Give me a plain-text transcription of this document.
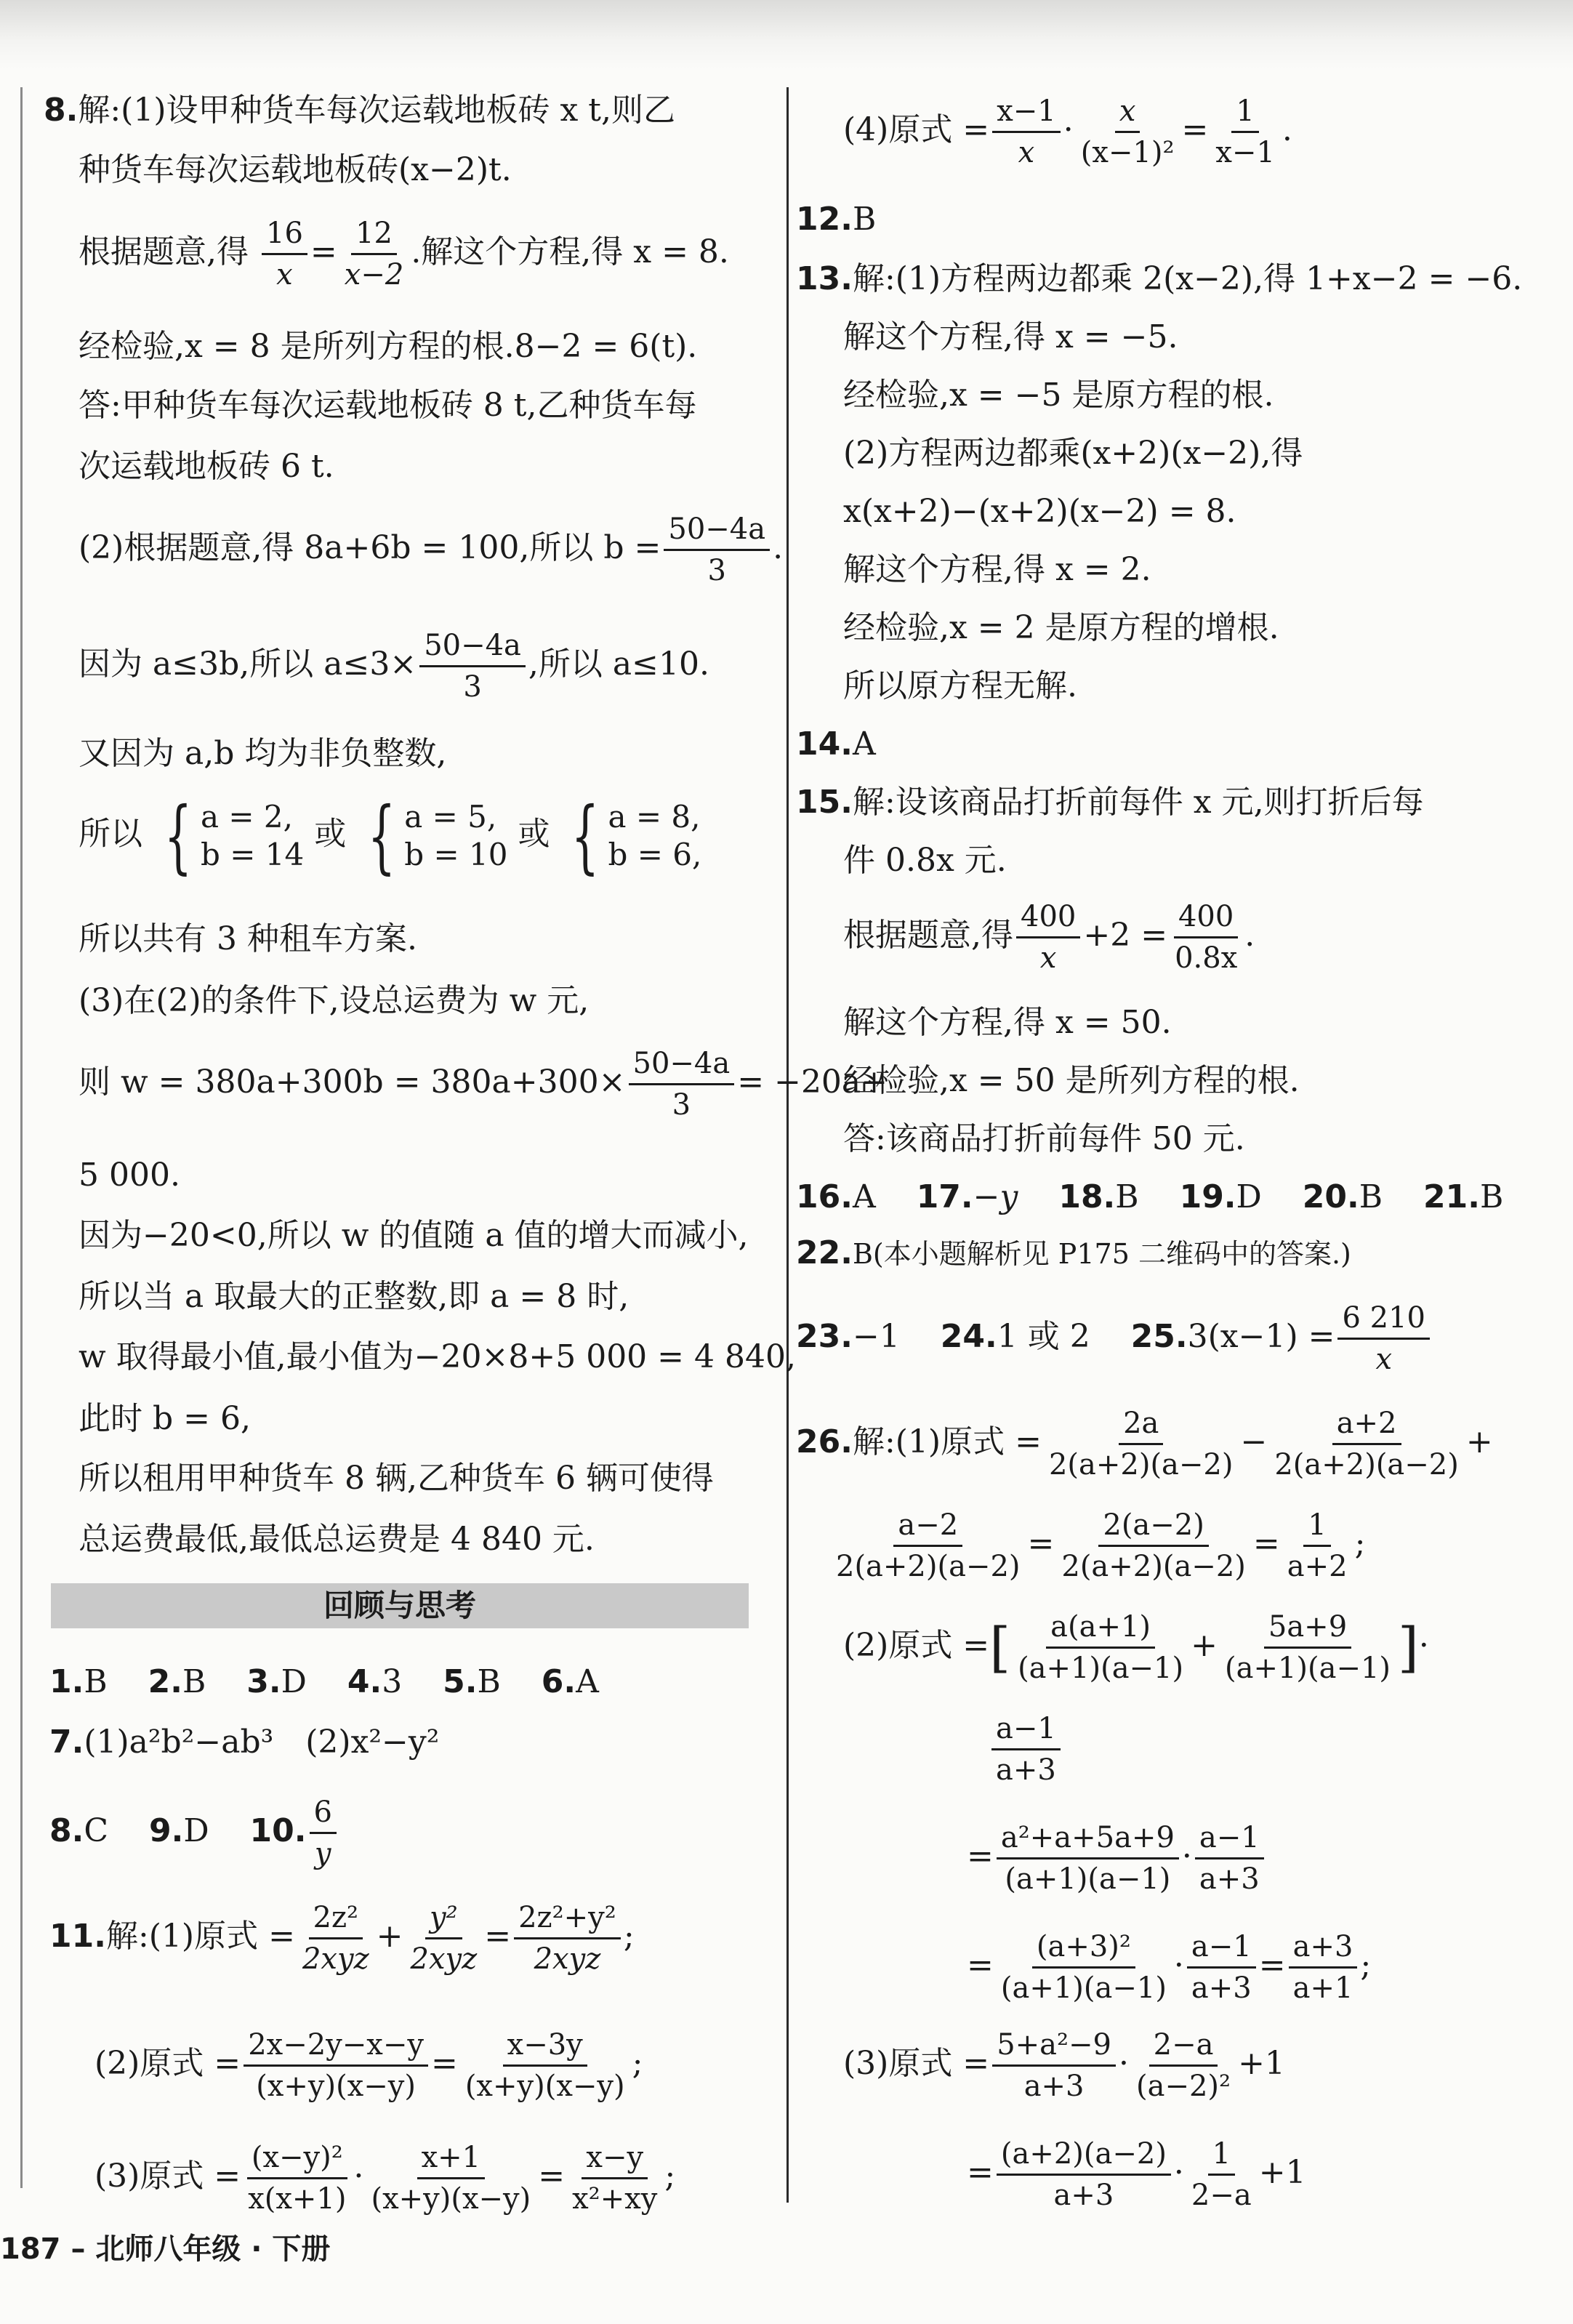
8.解:(1)设甲种货车每次运载地板砖 x t,则乙
种货车每次运载地板砖(x−2)t.
根据题意,得 $\frac{16}{x} = \frac{12}{x-2}$ .解这个方程,得 x = 8.
经检验,x = 8 是所列方程的根.8−2 = 6(t).
答:甲种货车每次运载地板砖 8 t,乙种货车每
次运载地板砖 6 t.
(2)根据题意,得 8a+6b = 100,所以 $b = \frac{50-4a}{3}$ .
因为 a≤3b,所以 $a\le 3\times \frac{50-4a}{3}$ ,所以 a≤10.
又因为 a,b 均为非负整数,
所以 { a = 2,
b = 14
或 { a = 5,
b = 10
或 { a = 8,
b = 6,
所以共有 3 种租车方案.
(3)在(2)的条件下,设总运费为 w 元,
则 $w = 380a+300b = 380a+300\times \frac{50-4a}{3} = -20a+$
5 000.
因为−20<0,所以 w 的值随 a 值的增大而减小,
所以当 a 取最大的正整数,即 a = 8 时,
w 取得最小值,最小值为−20×8+5 000 = 4 840,
此时 b = 6,
所以租用甲种货车 8 辆,乙种货车 6 辆可使得
总运费最低,最低总运费是 4 840 元.
回顾与思考
1.B 2.B 3.D 4.3 5.B 6.A
7.(1)a²b²−ab³　(2)x²−y²
8.C 9.D 10. $\frac{6}{y}$
11.解:(1)原式 = $\frac{\text{2z²}}{\text{2xyz}} + \frac{\text{y²}}{\text{2xyz}} = \frac{\text{2z²+y²}}{\text{2xyz}}$ ;
(2)原式 = $\frac{2x-2y-x-y}{(x+y)(x-y)} = \frac{x-3y}{(x+y)(x-y)}$ ;
(3)原式 = $\frac{\text{(x−y)²}}{x(x+1)} \cdot \frac{x+1}{(x+y)(x-y)} = \frac{x-y}{\text{x²+xy}}$ ;
(4)原式 = $\frac{x-1}{x} \cdot \frac{x}{\text{(x−1)²}} = \frac{1}{x-1}$ .
12.B
13.解:(1)方程两边都乘 2(x−2),得 1+x−2 = −6.
解这个方程,得 x = −5.
经检验,x = −5 是原方程的根.
(2)方程两边都乘(x+2)(x−2),得
x(x+2)−(x+2)(x−2) = 8.
解这个方程,得 x = 2.
经检验,x = 2 是原方程的增根.
所以原方程无解.
14.A
15.解:设该商品打折前每件 x 元,则打折后每
件 0.8x 元.
根据题意,得 $\frac{400}{x} +2 = \frac{400}{0.8x}$ .
解这个方程,得 x = 50.
经检验,x = 50 是所列方程的根.
答:该商品打折前每件 50 元.
16.A 17.−y 18.B 19.D 20.B 21.B
22.B(本小题解析见 P175 二维码中的答案.)
23.−1 24.1 或 2 $25.3(x-1) = \frac{6 210}{x}$
26.解:(1)原式 = $\frac{2a}{2(a+2)(a-2)} - \frac{a+2}{2(a+2)(a-2)}$ +
$\frac{a-2}{2(a+2)(a-2)} = \frac{2(a-2)}{2(a+2)(a-2)} = \frac{1}{a+2}$ ;
(2)原式 =[ $\frac{a(a+1)}{(a+1)(a-1)} + \frac{5a+9}{(a+1)(a-1)}$ ]·
$\frac{a-1}{a+3}$
= $\frac{\text{a²+a+5a+9}}{(a+1)(a-1)} \cdot \frac{a-1}{a+3}$
= $\frac{\text{(a+3)²}}{(a+1)(a-1)} \cdot \frac{a-1}{a+3} = \frac{a+3}{a+1}$ ;
(3)原式 = $\frac{\text{5+a²−9}}{a+3} \cdot \frac{2-a}{\text{(a−2)²}} +1$
= $\frac{(a+2)(a-2)}{a+3} \cdot \frac{1}{2-a} +1$
187 – 北师八年级 · 下册
